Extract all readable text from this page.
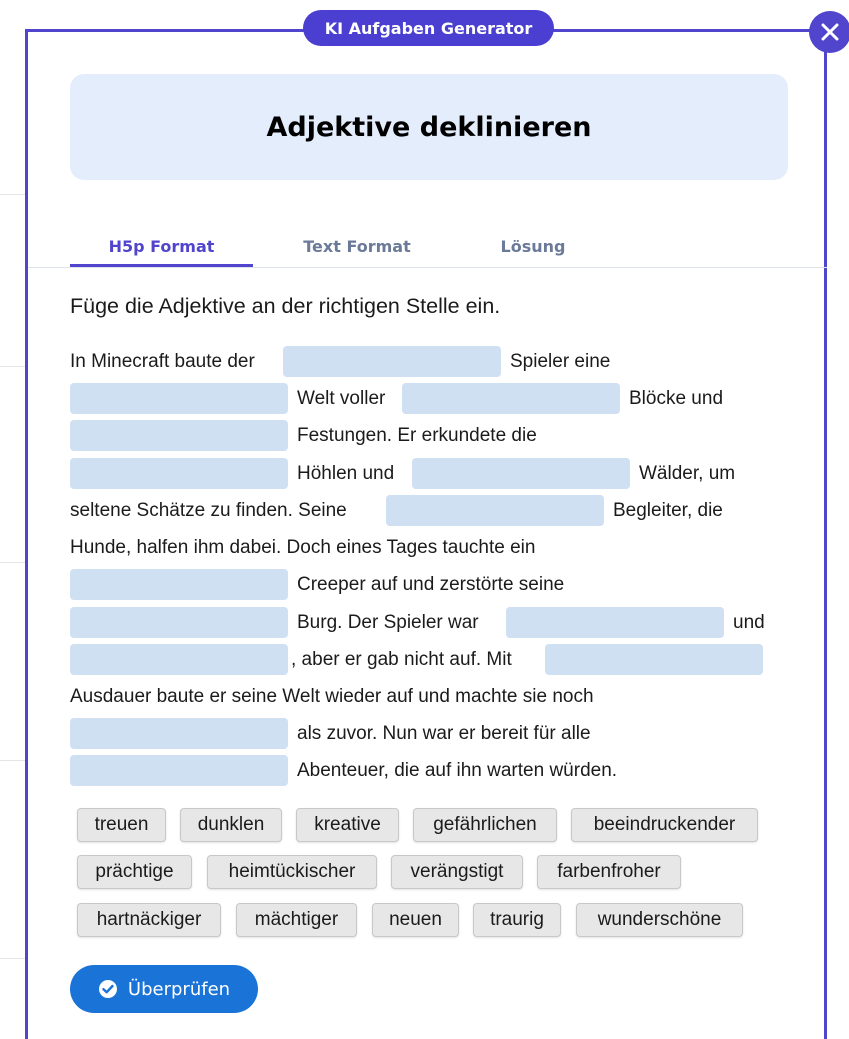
KI Aufgaben Generator
Adjektive deklinieren
H5p Format	Text Format	Lösung
Füge die Adjektive an der richtigen Stelle ein.
In Minecraft baute der	Spieler eine
Welt voller	Blöcke und
Festungen. Er erkundete die
Höhlen und	Wälder, um
seltene Schätze zu finden. Seine	Begleiter, die
Hunde, halfen ihm dabei. Doch eines Tages tauchte ein
Creeper auf und zerstörte seine
Burg. Der Spieler war	und
, aber er gab nicht auf. Mit
Ausdauer baute er seine Welt wieder auf und machte sie noch
als zuvor. Nun war er bereit für alle
Abenteuer, die auf ihn warten würden.
treuen	dunklen	kreative	gefährlichen	beeindruckender
prächtige	heimtückischer	verängstigt	farbenfroher
hartnäckiger	mächtiger	neuen	traurig	wunderschöne
Überprüfen
